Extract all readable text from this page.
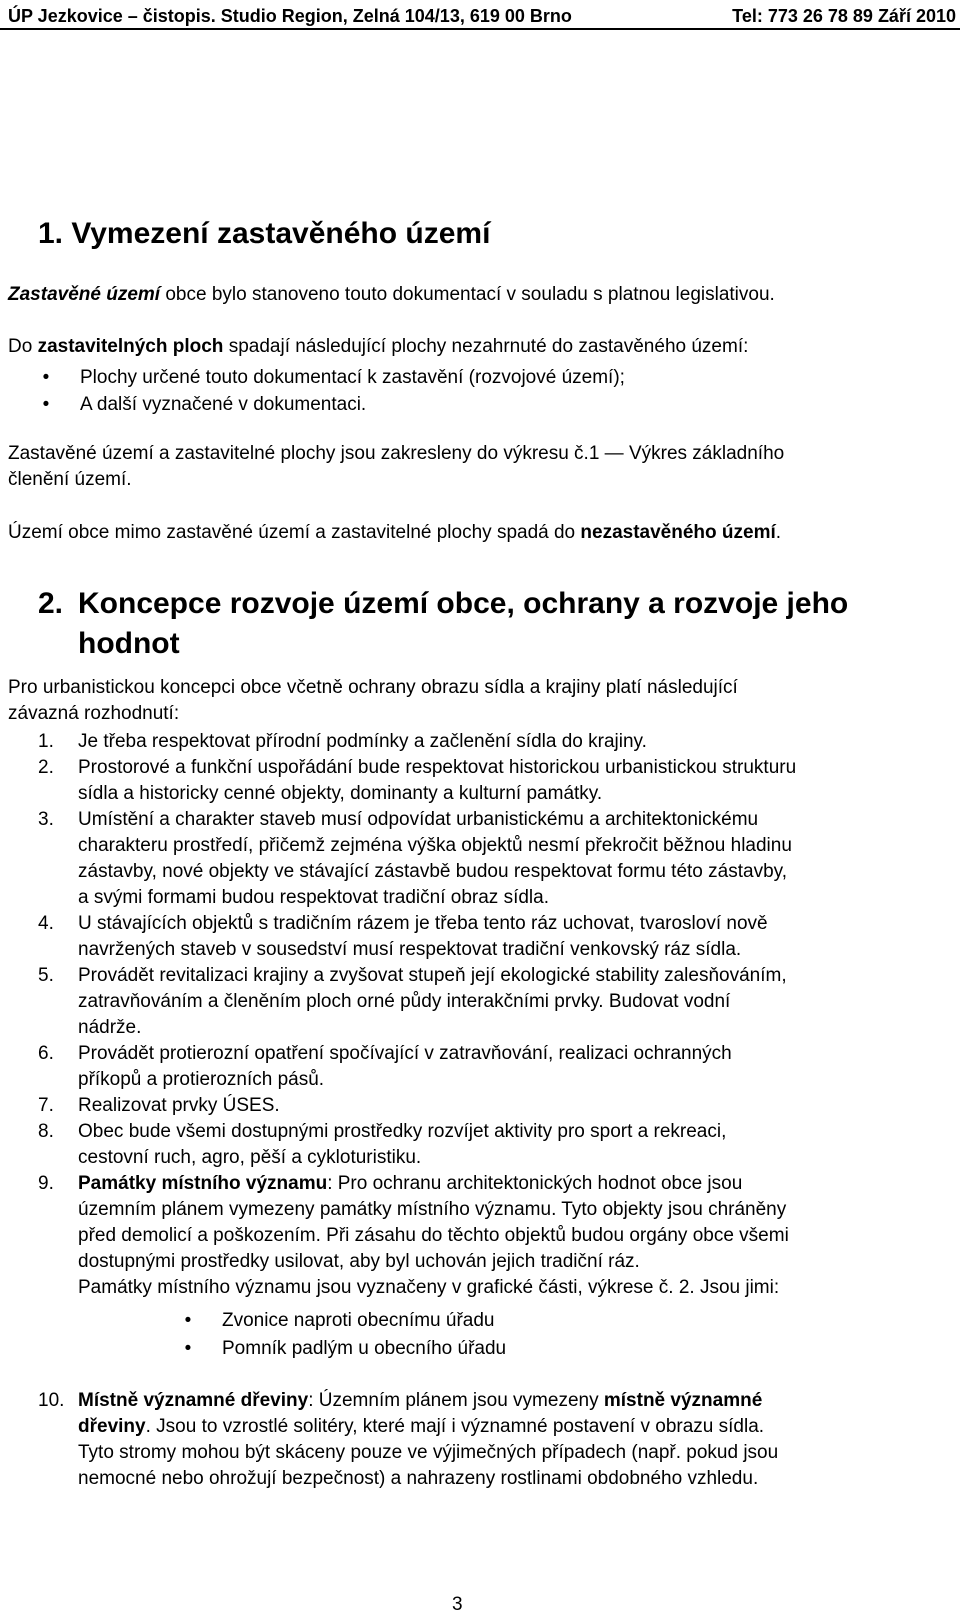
ÚP Jezkovice – čistopis. Studio Region, Zelná 104/13, 619 00 Brno	Tel: 773 26 78 89 Září 2010
1. Vymezení zastavěného území
Zastavěné území obce bylo stanoveno touto dokumentací v souladu s platnou legislativou.
Do zastavitelných ploch spadají následující plochy nezahrnuté do zastavěného území:
• Plochy určené touto dokumentací k zastavění (rozvojové území);
• A další vyznačené v dokumentaci.
Zastavěné území a zastavitelné plochy jsou zakresleny do výkresu č.1 — Výkres základního
členění území.
Území obce mimo zastavěné území a zastavitelné plochy spadá do nezastavěného území.
2. Koncepce rozvoje území obce, ochrany a rozvoje jeho hodnot
Pro urbanistickou koncepci obce včetně ochrany obrazu sídla a krajiny platí následující
závazná rozhodnutí:
1. Je třeba respektovat přírodní podmínky a začlenění sídla do krajiny.
2. Prostorové a funkční uspořádání bude respektovat historickou urbanistickou strukturu
sídla a historicky cenné objekty, dominanty a kulturní památky.
3. Umístění a charakter staveb musí odpovídat urbanistickému a architektonickému
charakteru prostředí, přičemž zejména výška objektů nesmí překročit běžnou hladinu
zástavby, nové objekty ve stávající zástavbě budou respektovat formu této zástavby,
a svými formami budou respektovat tradiční obraz sídla.
4. U stávajících objektů s tradičním rázem je třeba tento ráz uchovat, tvarosloví nově
navržených staveb v sousedství musí respektovat tradiční venkovský ráz sídla.
5. Provádět revitalizaci krajiny a zvyšovat stupeň její ekologické stability zalesňováním,
zatravňováním a členěním ploch orné půdy interakčními prvky. Budovat vodní
nádrže.
6. Provádět protierozní opatření spočívající v zatravňování, realizaci ochranných
příkopů a protierozních pásů.
7. Realizovat prvky ÚSES.
8. Obec bude všemi dostupnými prostředky rozvíjet aktivity pro sport a rekreaci,
cestovní ruch, agro, pěší a cykloturistiku.
9. Památky místního významu: Pro ochranu architektonických hodnot obce jsou
územním plánem vymezeny památky místního významu. Tyto objekty jsou chráněny
před demolicí a poškozením. Při zásahu do těchto objektů budou orgány obce všemi
dostupnými prostředky usilovat, aby byl uchován jejich tradiční ráz.
Památky místního významu jsou vyznačeny v grafické části, výkrese č. 2. Jsou jimi:
• Zvonice naproti obecnímu úřadu
• Pomník padlým u obecního úřadu
10. Místně významné dřeviny: Územním plánem jsou vymezeny místně významné
dřeviny. Jsou to vzrostlé solitéry, které mají i významné postavení v obrazu sídla.
Tyto stromy mohou být skáceny pouze ve výjimečných případech (např. pokud jsou
nemocné nebo ohrožují bezpečnost) a nahrazeny rostlinami obdobného vzhledu.
3
